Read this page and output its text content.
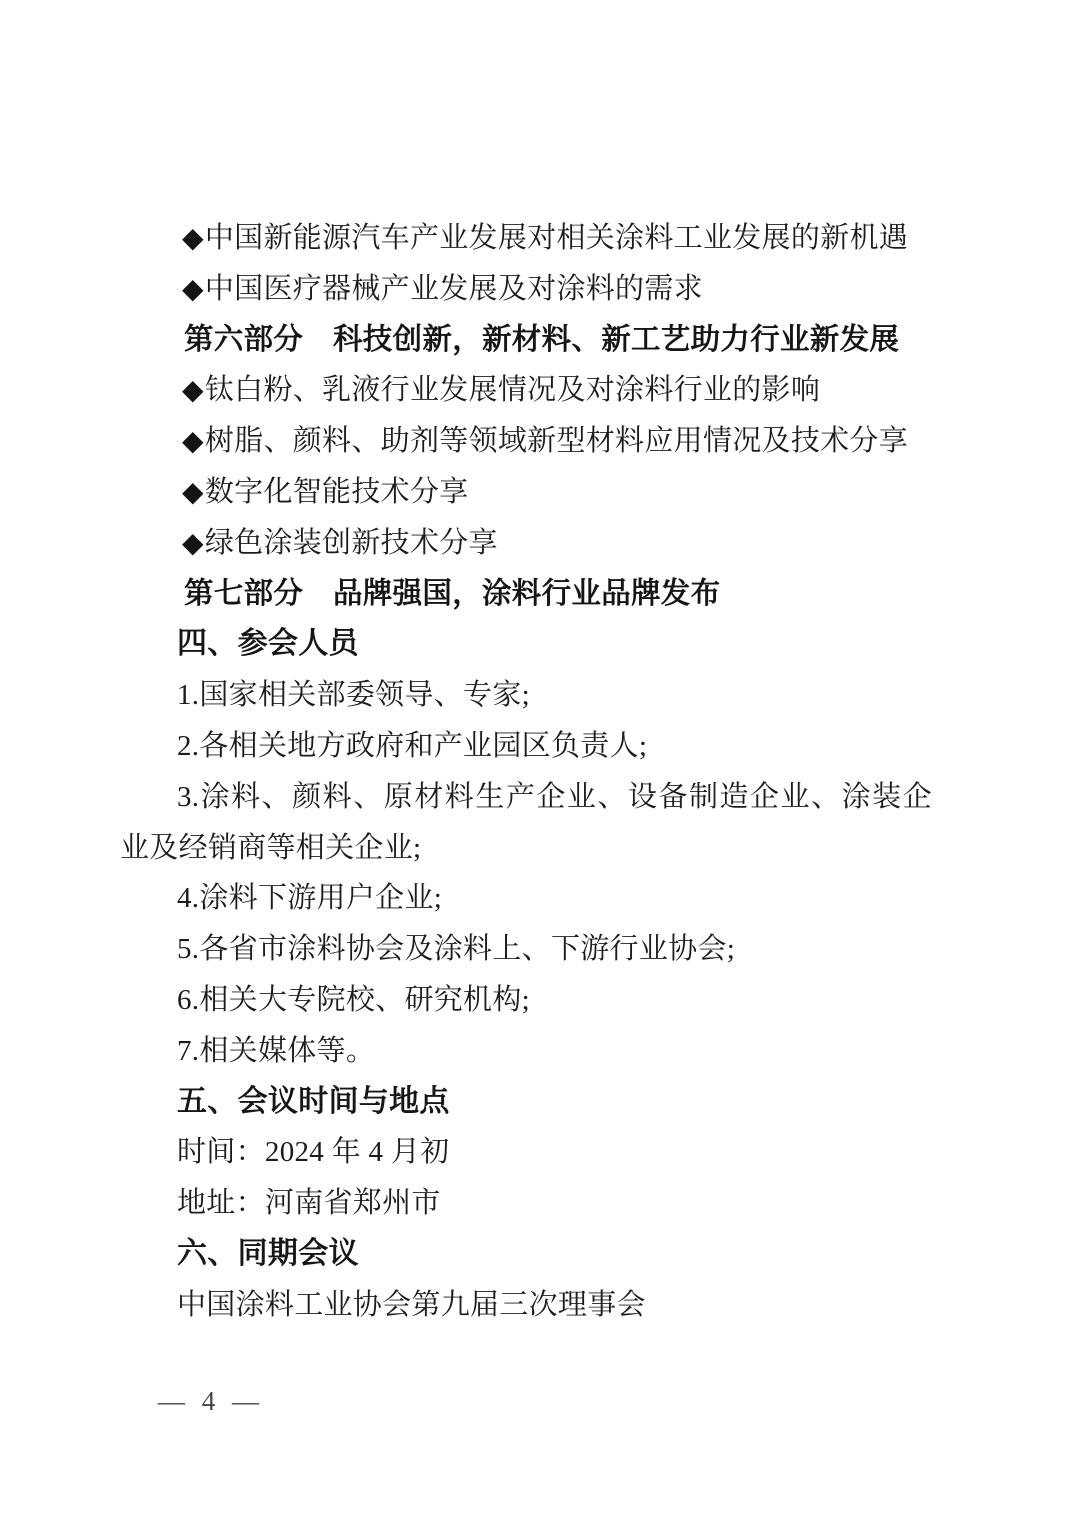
◆中国新能源汽车产业发展对相关涂料工业发展的新机遇
◆中国医疗器械产业发展及对涂料的需求
第六部分　科技创新，新材料、新工艺助力行业新发展
◆钛白粉、乳液行业发展情况及对涂料行业的影响
◆树脂、颜料、助剂等领域新型材料应用情况及技术分享
◆数字化智能技术分享
◆绿色涂装创新技术分享
第七部分　品牌强国，涂料行业品牌发布
四、参会人员
1.国家相关部委领导、专家;
2.各相关地方政府和产业园区负责人;
3.涂料、颜料、原材料生产企业、设备制造企业、涂装企
业及经销商等相关企业;
4.涂料下游用户企业;
5.各省市涂料协会及涂料上、下游行业协会;
6.相关大专院校、研究机构;
7.相关媒体等。
五、会议时间与地点
时间：2024 年 4 月初
地址：河南省郑州市
六、同期会议
中国涂料工业协会第九届三次理事会
— 4 —
